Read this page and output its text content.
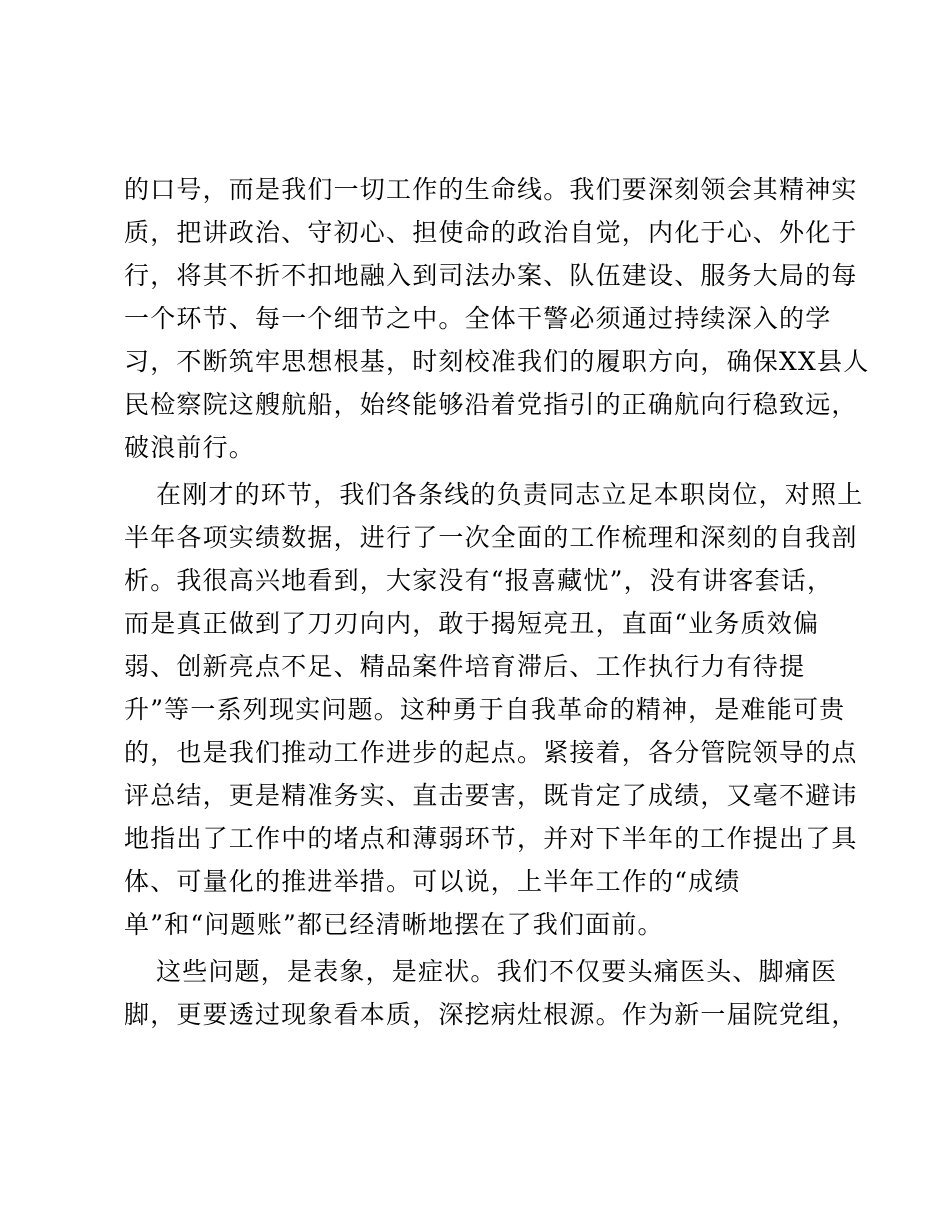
的口号，而是我们一切工作的生命线。我们要深刻领会其精神实
质，把讲政治、守初心、担使命的政治自觉，内化于心、外化于
行，将其不折不扣地融入到司法办案、队伍建设、服务大局的每
一个环节、每一个细节之中。全体干警必须通过持续深入的学
习，不断筑牢思想根基，时刻校准我们的履职方向，确保XX县人
民检察院这艘航船，始终能够沿着党指引的正确航向行稳致远，
破浪前行。
在刚才的环节，我们各条线的负责同志立足本职岗位，对照上
半年各项实绩数据，进行了一次全面的工作梳理和深刻的自我剖
析。我很高兴地看到，大家没有“报喜藏忧”，没有讲客套话，
而是真正做到了刀刃向内，敢于揭短亮丑，直面“业务质效偏
弱、创新亮点不足、精品案件培育滞后、工作执行力有待提
升”等一系列现实问题。这种勇于自我革命的精神，是难能可贵
的，也是我们推动工作进步的起点。紧接着，各分管院领导的点
评总结，更是精准务实、直击要害，既肯定了成绩，又毫不避讳
地指出了工作中的堵点和薄弱环节，并对下半年的工作提出了具
体、可量化的推进举措。可以说，上半年工作的“成绩
单”和“问题账”都已经清晰地摆在了我们面前。
这些问题，是表象，是症状。我们不仅要头痛医头、脚痛医
脚，更要透过现象看本质，深挖病灶根源。作为新一届院党组，
